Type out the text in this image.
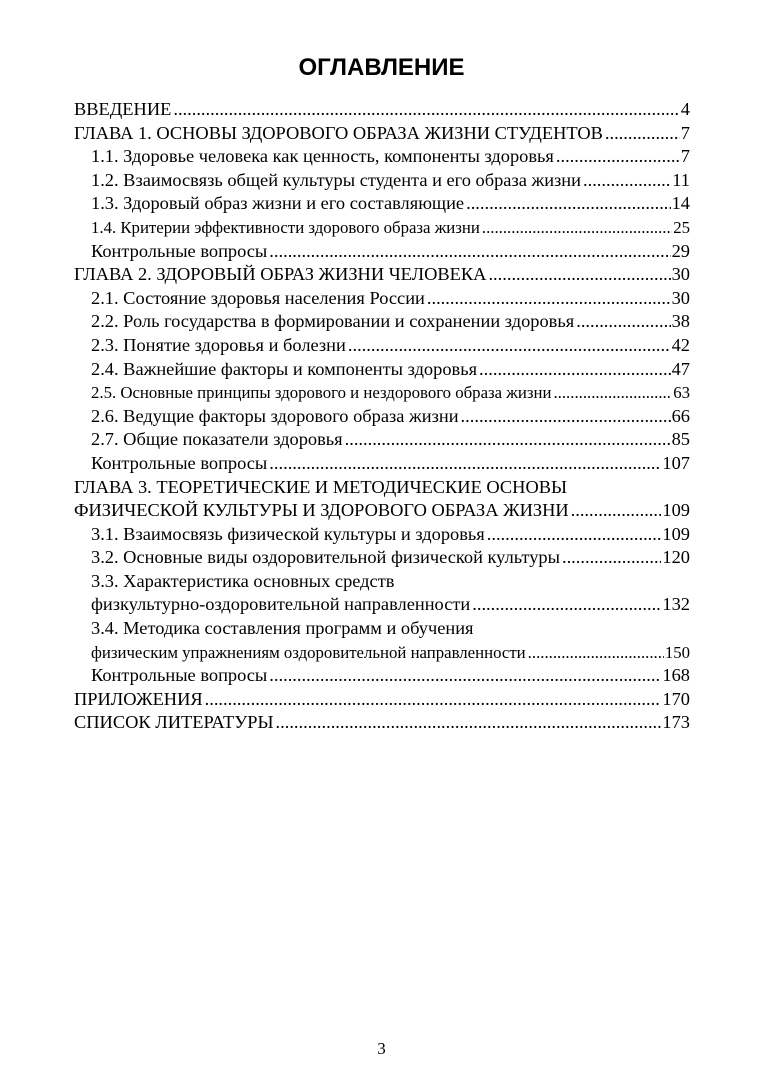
ОГЛАВЛЕНИЕ
ВВЕДЕНИЕ .....	4
ГЛАВА 1. ОСНОВЫ ЗДОРОВОГО ОБРАЗА ЖИЗНИ СТУДЕНТОВ .....	7
1.1. Здоровье человека как ценность, компоненты здоровья .....	7
1.2. Взаимосвязь общей культуры студента и его образа жизни .....	11
1.3. Здоровый образ жизни и его составляющие .....	14
1.4. Критерии эффективности здорового образа жизни .....	25
Контрольные вопросы .....	29
ГЛАВА 2. ЗДОРОВЫЙ ОБРАЗ ЖИЗНИ ЧЕЛОВЕКА .....	30
2.1. Состояние здоровья населения России .....	30
2.2. Роль государства в формировании и сохранении здоровья .....	38
2.3. Понятие здоровья и болезни .....	42
2.4. Важнейшие факторы и компоненты здоровья .....	47
2.5. Основные принципы здорового и нездорового образа жизни .....	63
2.6. Ведущие факторы здорового образа жизни .....	66
2.7. Общие показатели здоровья .....	85
Контрольные вопросы .....	107
ГЛАВА 3. ТЕОРЕТИЧЕСКИЕ И МЕТОДИЧЕСКИЕ ОСНОВЫ
ФИЗИЧЕСКОЙ КУЛЬТУРЫ И ЗДОРОВОГО ОБРАЗА ЖИЗНИ .....	109
3.1. Взаимосвязь физической культуры и здоровья .....	109
3.2. Основные виды оздоровительной физической культуры .....	120
3.3. Характеристика основных средств
физкультурно-оздоровительной направленности .....	132
3.4. Методика составления программ и обучения
физическим упражнениям оздоровительной направленности .....	150
Контрольные вопросы .....	168
ПРИЛОЖЕНИЯ .....	170
СПИСОК ЛИТЕРАТУРЫ .....	173
3
